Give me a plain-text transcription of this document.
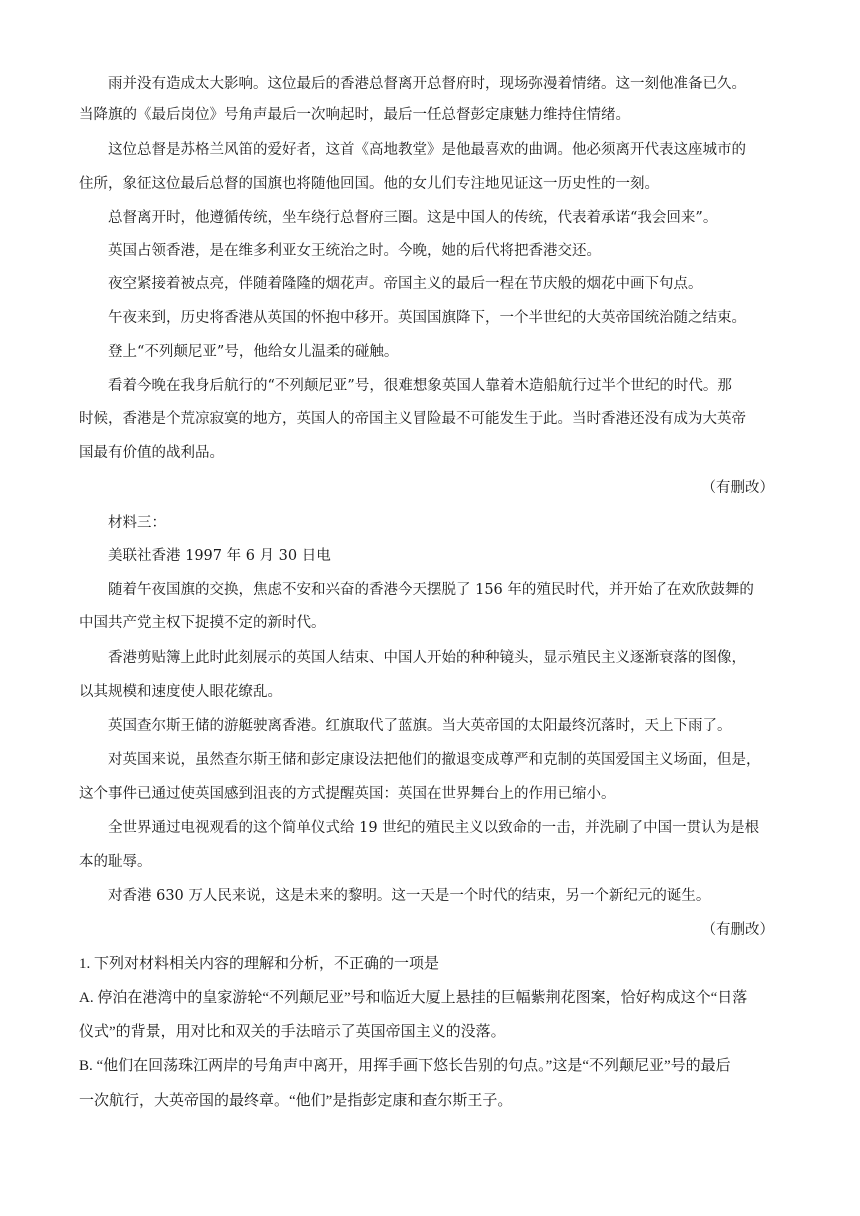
雨并没有造成太大影响。这位最后的香港总督离开总督府时，现场弥漫着情绪。这一刻他准备已久。
当降旗的《最后岗位》号角声最后一次响起时，最后一任总督彭定康魅力维持住情绪。
这位总督是苏格兰风笛的爱好者，这首《高地教堂》是他最喜欢的曲调。他必须离开代表这座城市的
住所，象征这位最后总督的国旗也将随他回国。他的女儿们专注地见证这一历史性的一刻。
总督离开时，他遵循传统，坐车绕行总督府三圈。这是中国人的传统，代表着承诺“我会回来”。
英国占领香港，是在维多利亚女王统治之时。今晚，她的后代将把香港交还。
夜空紧接着被点亮，伴随着隆隆的烟花声。帝国主义的最后一程在节庆般的烟花中画下句点。
午夜来到，历史将香港从英国的怀抱中移开。英国国旗降下，一个半世纪的大英帝国统治随之结束。
登上“不列颠尼亚”号，他给女儿温柔的碰触。
看着今晚在我身后航行的“不列颠尼亚”号，很难想象英国人靠着木造船航行过半个世纪的时代。那
时候，香港是个荒凉寂寞的地方，英国人的帝国主义冒险最不可能发生于此。当时香港还没有成为大英帝
国最有价值的战利品。
（有删改）
材料三：
美联社香港 1997 年 6 月 30 日电
随着午夜国旗的交换，焦虑不安和兴奋的香港今天摆脱了 156 年的殖民时代，并开始了在欢欣鼓舞的
中国共产党主权下捉摸不定的新时代。
香港剪贴簿上此时此刻展示的英国人结束、中国人开始的种种镜头，显示殖民主义逐渐衰落的图像，
以其规模和速度使人眼花缭乱。
英国查尔斯王储的游艇驶离香港。红旗取代了蓝旗。当大英帝国的太阳最终沉落时，天上下雨了。
对英国来说，虽然查尔斯王储和彭定康设法把他们的撤退变成尊严和克制的英国爱国主义场面，但是，
这个事件已通过使英国感到沮丧的方式提醒英国：英国在世界舞台上的作用已缩小。
全世界通过电视观看的这个简单仪式给 19 世纪的殖民主义以致命的一击，并洗刷了中国一贯认为是根
本的耻辱。
对香港 630 万人民来说，这是未来的黎明。这一天是一个时代的结束，另一个新纪元的诞生。
（有删改）
1. 下列对材料相关内容的理解和分析，不正确的一项是
A. 停泊在港湾中的皇家游轮“不列颠尼亚”号和临近大厦上悬挂的巨幅紫荆花图案，恰好构成这个“日落
仪式”的背景，用对比和双关的手法暗示了英国帝国主义的没落。
B. “他们在回荡珠江两岸的号角声中离开，用挥手画下悠长告别的句点。”这是“不列颠尼亚”号的最后
一次航行，大英帝国的最终章。“他们”是指彭定康和查尔斯王子。
